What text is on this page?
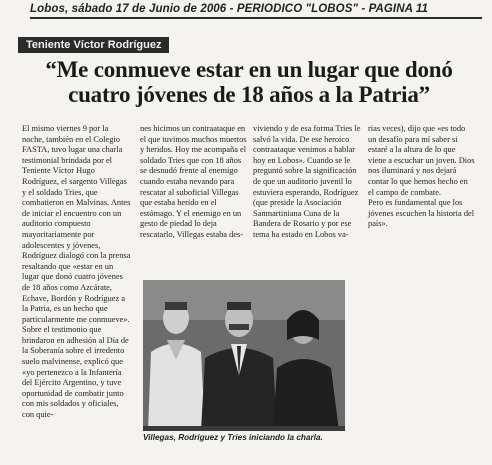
Lobos, sábado 17 de Junio de 2006 - PERIODICO "LOBOS" - PAGINA 11
Teniente Víctor Rodríguez
“Me conmueve estar en un lugar que donó
cuatro jóvenes de 18 años a la Patria”

El mismo viernes 9 por la noche, también en el Colegio FASTA, tuvo lugar una charla testimonial brindada por el Teniente Víctor Hugo Rodríguez, el sargento Villegas y el soldado Tries, que combatieron en Malvinas. Antes de iniciar el encuentro con un auditorio compuesto mayoritariamente por adolescentes y jóvenes, Rodríguez dialogó con la prensa resaltando que «estar en un lugar que donó cuatro jóvenes de 18 años como Azcárate, Echave, Bordón y Rodríguez a la Patria, es un hecho que particularmente me conmueve». Sobre el testimonio que brindaron en adhesión al Día de la Soberanía sobre el irredento suelo malvinense, explicó que «yo pertenezco a la Infantería del Ejército Argentino, y tuve oportunidad de combatir junto con mis soldados y oficiales, con quie-

nes hicimos un contraataque en el que tuvimos muchos muertos y heridos. Hoy me acompaña el soldado Tries que con 18 años se desnudó frente al enemigo cuando estaba nevando para rescatar al suboficial Villegas que estaba herido en el estómago. Y el enemigo en un gesto de piedad lo deja rescatarlo, Villegas estaba des-

viviendo y de esa forma Tries le salvó la vida. De ese heroico contraataque venimos a hablar hoy en Lobos». Cuando se le preguntó sobre la significación de que un auditorio juvenil lo estuviera esperando, Rodríguez (que preside la Asociación Sanmartiniana Cuna de la Bandera de Rosario y por ese tema ha estado en Lobos va-

rias veces), dijo que «es todo un desafío para mí saber si estaré a la altura de lo que viene a escuchar un joven. Dios nos iluminará y nos dejará contar lo que hemos hecho en el campo de combate.

Pero es fundamental que los jóvenes escuchen la historia del país».

Villegas, Rodríguez y Tries iniciando la charla.
